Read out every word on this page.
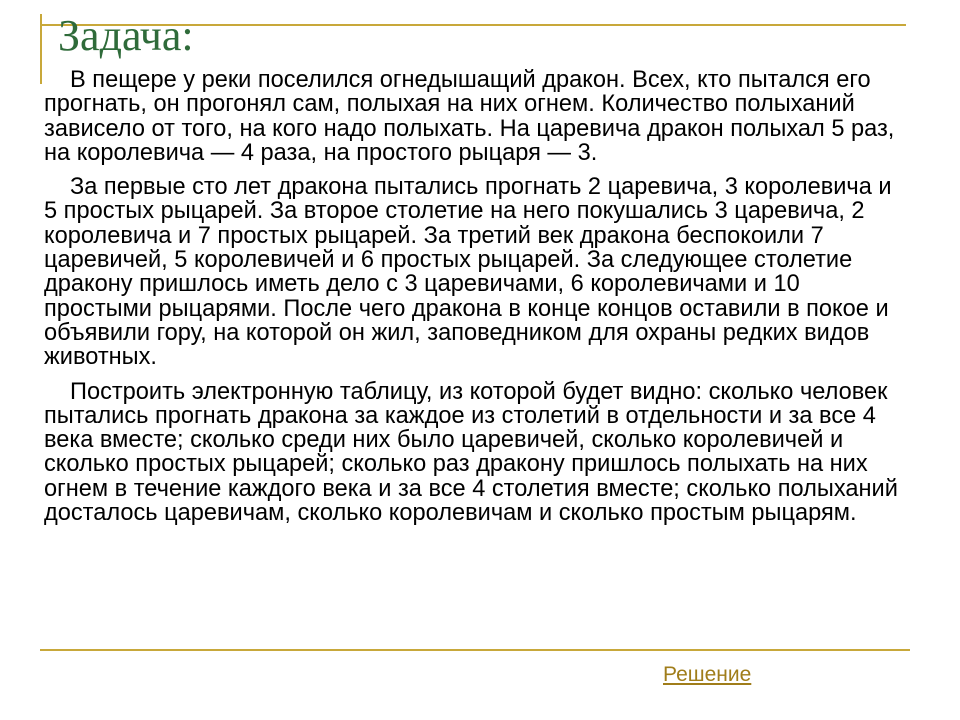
Задача:

В пещере у реки поселился огнедышащий дракон. Всех, кто пытался его прогнать, он прогонял сам, полыхая на них огнем. Количество полыханий зависело от того, на кого надо полыхать. На царевича дракон полыхал 5 раз, на королевича — 4 раза, на простого рыцаря — 3.

За первые сто лет дракона пытались прогнать 2 царевича, 3 королевича и 5 простых рыцарей. За второе столетие на него покушались 3 царевича, 2 королевича и 7 простых рыцарей. За третий век дракона беспокоили 7 царевичей, 5 королевичей и 6 простых рыцарей. За следующее столетие дракону пришлось иметь дело с 3 царевичами, 6 королевичами и 10 простыми рыцарями. После чего дракона в конце концов оставили в покое и объявили гору, на которой он жил, заповедником для охраны редких видов животных.

Построить электронную таблицу, из которой будет видно: сколько человек пытались прогнать дракона за каждое из столетий в отдельности и за все 4 века вместе; сколько среди них было царевичей, сколько королевичей и сколько простых рыцарей; сколько раз дракону пришлось полыхать на них огнем в течение каждого века и за все 4 столетия вместе; сколько полыханий досталось царевичам, сколько королевичам и сколько простым рыцарям.

Решение
